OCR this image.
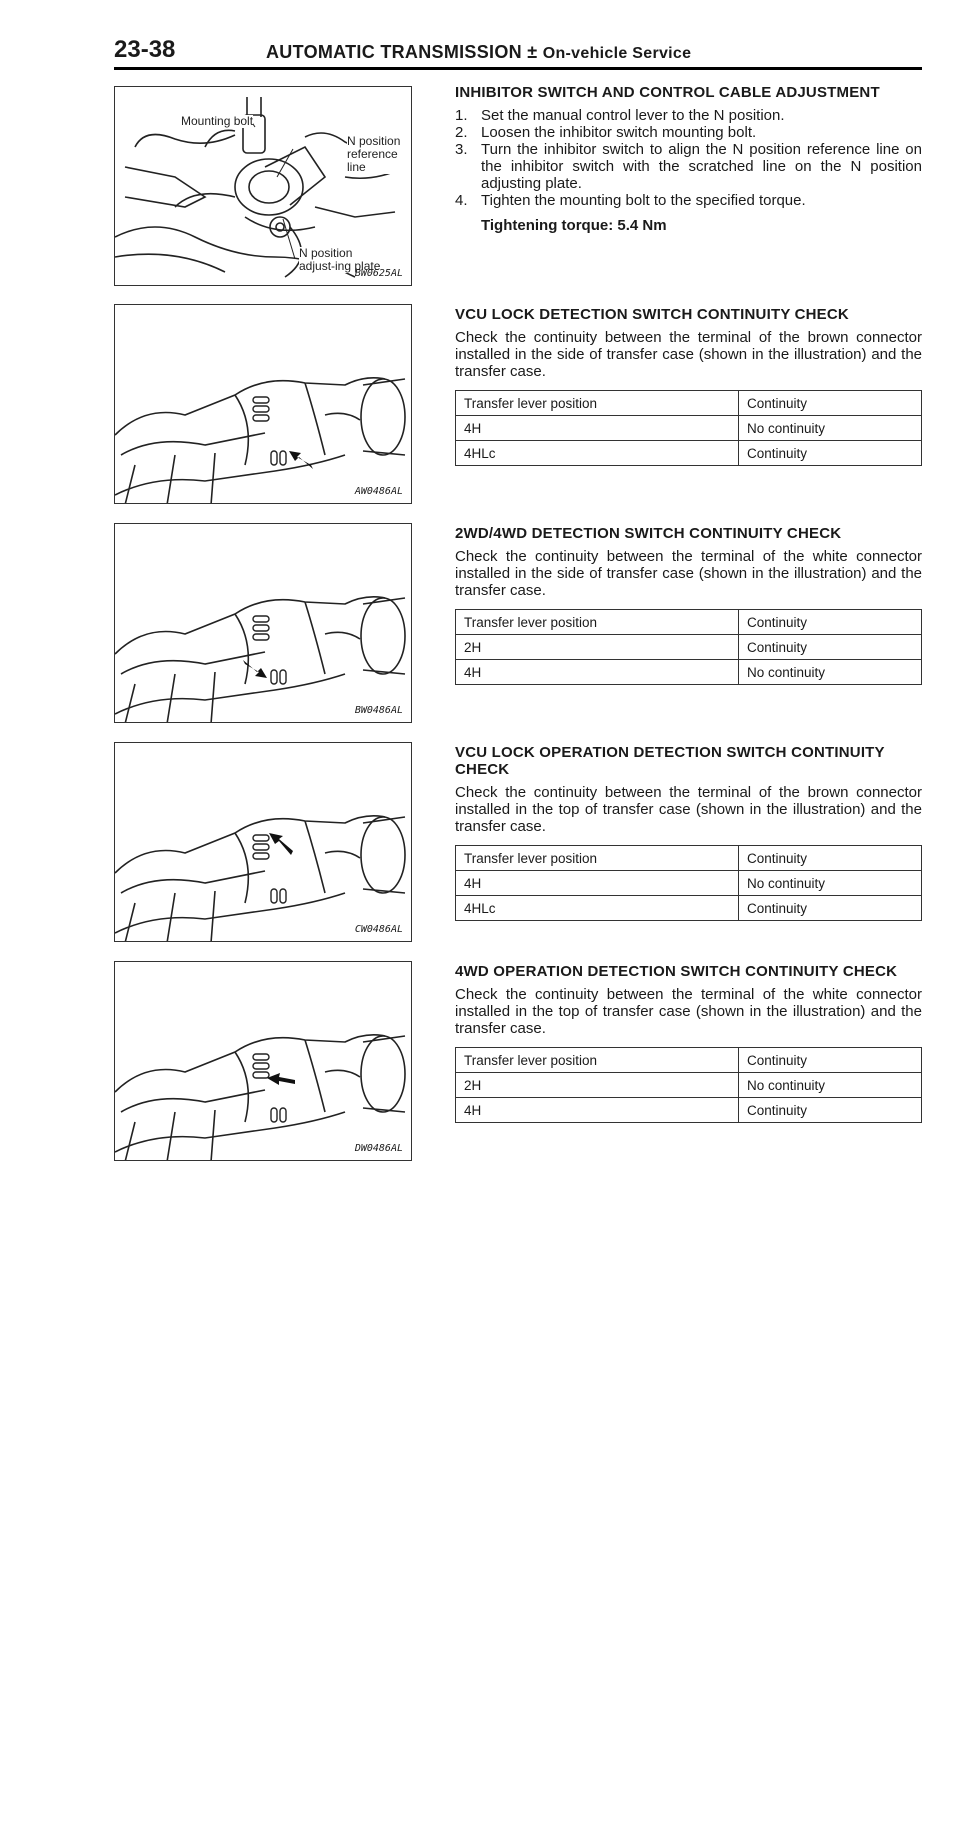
23-38	AUTOMATIC TRANSMISSION ± On-vehicle Service
Mounting bolt
N position reference line
N position adjust-ing plate
BW0625AL
AW0486AL
BW0486AL
CW0486AL
DW0486AL
INHIBITOR SWITCH AND CONTROL CABLE ADJUSTMENT
1. Set the manual control lever to the N position.
2. Loosen the inhibitor switch mounting bolt.
3. Turn the inhibitor switch to align the N position reference line on the inhibitor switch with the scratched line on the N position adjusting plate.
4. Tighten the mounting bolt to the specified torque.
Tightening torque: 5.4 Nm
VCU LOCK DETECTION SWITCH CONTINUITY CHECK

Check the continuity between the terminal of the brown connector installed in the side of transfer case (shown in the illustration) and the transfer case.

Transfer lever position	Continuity
4H	No continuity
4HLc	Continuity
2WD/4WD DETECTION SWITCH CONTINUITY CHECK

Check the continuity between the terminal of the white connector installed in the side of transfer case (shown in the illustration) and the transfer case.

Transfer lever position	Continuity
2H	Continuity
4H	No continuity
VCU LOCK OPERATION DETECTION SWITCH CONTINUITY CHECK

Check the continuity between the terminal of the brown connector installed in the top of transfer case (shown in the illustration) and the transfer case.

Transfer lever position	Continuity
4H	No continuity
4HLc	Continuity
4WD OPERATION DETECTION SWITCH CONTINUITY CHECK

Check the continuity between the terminal of the white connector installed in the top of transfer case (shown in the illustration) and the transfer case.

Transfer lever position	Continuity
2H	No continuity
4H	Continuity
